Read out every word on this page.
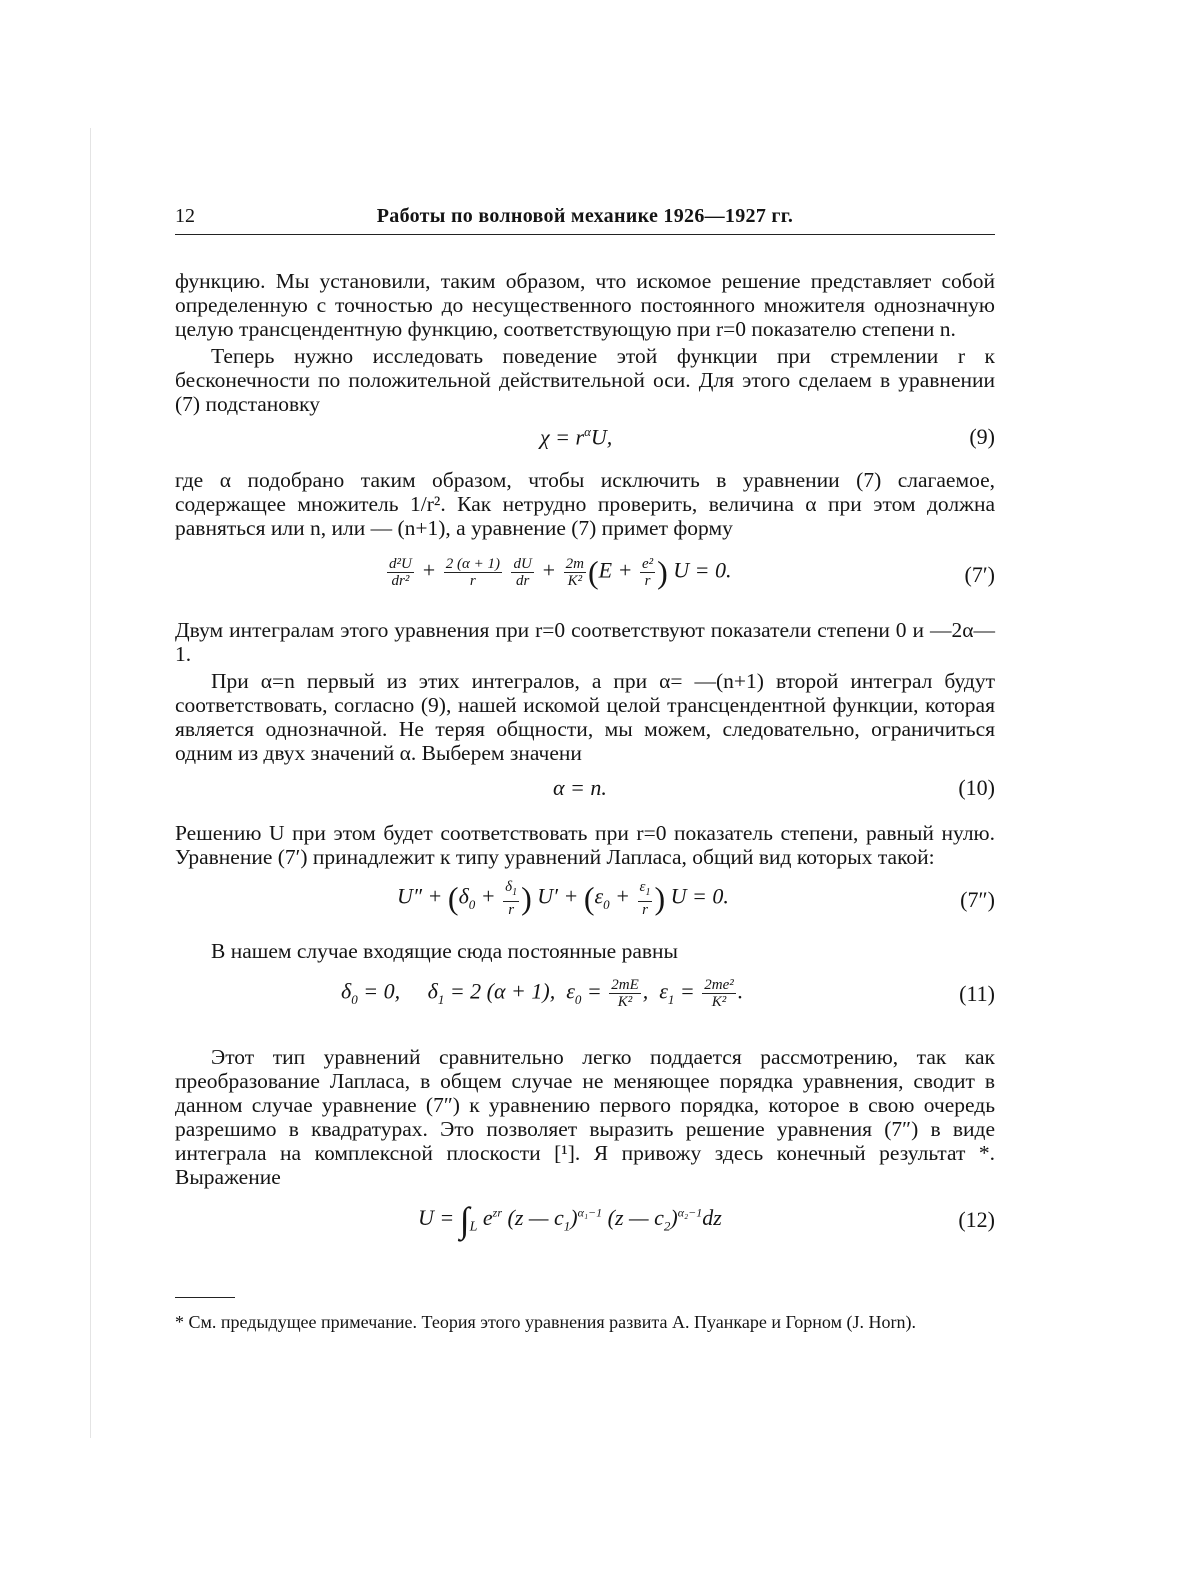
12	Работы по волновой механике 1926—1927 гг.

функцию. Мы установили, таким образом, что искомое решение представляет собой определенную с точностью до несущественного постоянного множителя однозначную целую трансцендентную функцию, соответствующую при r=0 показателю степени n.

Теперь нужно исследовать поведение этой функции при стремлении r к бесконечности по положительной действительной оси. Для этого сделаем в уравнении (7) подстановку

$\chi = r^\alpha U$,	(9)

где α подобрано таким образом, чтобы исключить в уравнении (7) слагаемое, содержащее множитель 1/r². Как нетрудно проверить, величина α при этом должна равняться или n, или — (n+1), а уравнение (7) примет форму

$\frac{\text{d²U}}{\text{dr²}} + \frac{2 (\alpha + 1)}{r}$
$\frac{dU}{dr} + \frac{2m}{\text{K²}} (E + \frac{\text{e²}}{r}$ ) U = 0.	(7′)

Двум интегралам этого уравнения при r=0 соответствуют показатели степени 0 и —2α—1.

При α=n первый из этих интегралов, а при α= —(n+1) второй интеграл будут соответствовать, согласно (9), нашей искомой целой трансцендентной функции, которая является однозначной. Не теряя общности, мы можем, следовательно, ограничиться одним из двух значений α. Выберем значени

α = n.	(10)

Решению U при этом будет соответствовать при r=0 показатель степени, равный нулю. Уравнение (7′) принадлежит к типу уравнений Лапласа, общий вид которых такой:

$U'' + (\delta_0 + \frac{\delta_1}{r}$ ) $U' + (\varepsilon_0 + \frac{\varepsilon_1}{r}$ ) U = 0.	(7″)

В нашем случае входящие сюда постоянные равны

$\delta_0 = 0$,     $\delta_1 = 2$ (α + 1),  $\varepsilon_0 = \frac{2mE}{\text{K²}}$ ,  $\varepsilon_1 = \frac{\text{2me²}}{\text{K²}}$ .	(11)

Этот тип уравнений сравнительно легко поддается рассмотрению, так как преобразование Лапласа, в общем случае не меняющее порядка уравнения, сводит в данном случае уравнение (7″) к уравнению первого порядка, которое в свою очередь разрешимо в квадратурах. Это позволяет выразить решение уравнения (7″) в виде интеграла на комплексной плоскости [¹]. Я привожу здесь конечный результат *. Выражение

$U = \int_L$ $e^{zr}$ (z — $c_1)^{\alpha_1-1}$ (z — $c_2)^{\alpha_2-1}dz$	(12)

* См. предыдущее примечание. Теория этого уравнения развита А. Пуанкаре и Горном (J. Horn).
